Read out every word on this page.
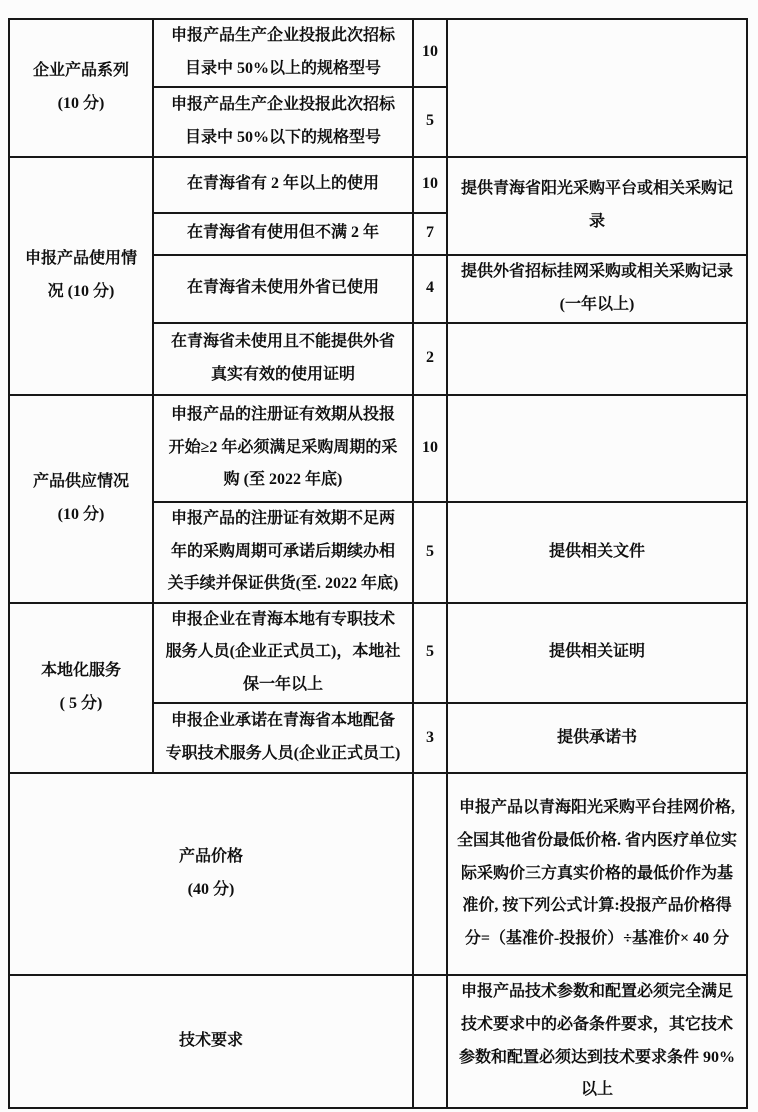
企业产品系列
(10 分)	申报产品生产企业投报此次招标目录中 50%以上的规格型号	10	
	申报产品生产企业投报此次招标目录中 50%以下的规格型号	5	

申报产品使用情
况 (10 分)	在青海省有 2 年以上的使用	10	提供青海省阳光采购平台或相关采购记录
	在青海省有使用但不满 2 年	7	
	在青海省未使用外省已使用	4	提供外省招标挂网采购或相关采购记录(一年以上)
	在青海省未使用且不能提供外省真实有效的使用证明	2	

产品供应情况
(10 分)	申报产品的注册证有效期从投报开始≥2 年必须满足采购周期的采购 (至 2022 年底)	10	
	申报产品的注册证有效期不足两年的采购周期可承诺后期续办相关手续并保证供货(至. 2022 年底)	5	提供相关文件

本地化服务
( 5 分)	申报企业在青海本地有专职技术服务人员(企业正式员工)，本地社保一年以上	5	提供相关证明
	申报企业承诺在青海省本地配备专职技术服务人员(企业正式员工)	3	提供承诺书

产品价格
(40 分)			申报产品以青海阳光采购平台挂网价格, 全国其他省份最低价格. 省内医疗单位实际采购价三方真实价格的最低价作为基准价, 按下列公式计算:投报产品价格得分=（基准价-投报价）÷基准价× 40 分

技术要求			申报产品技术参数和配置必须完全满足技术要求中的必备条件要求，其它技术参数和配置必须达到技术要求条件 90% 以上
